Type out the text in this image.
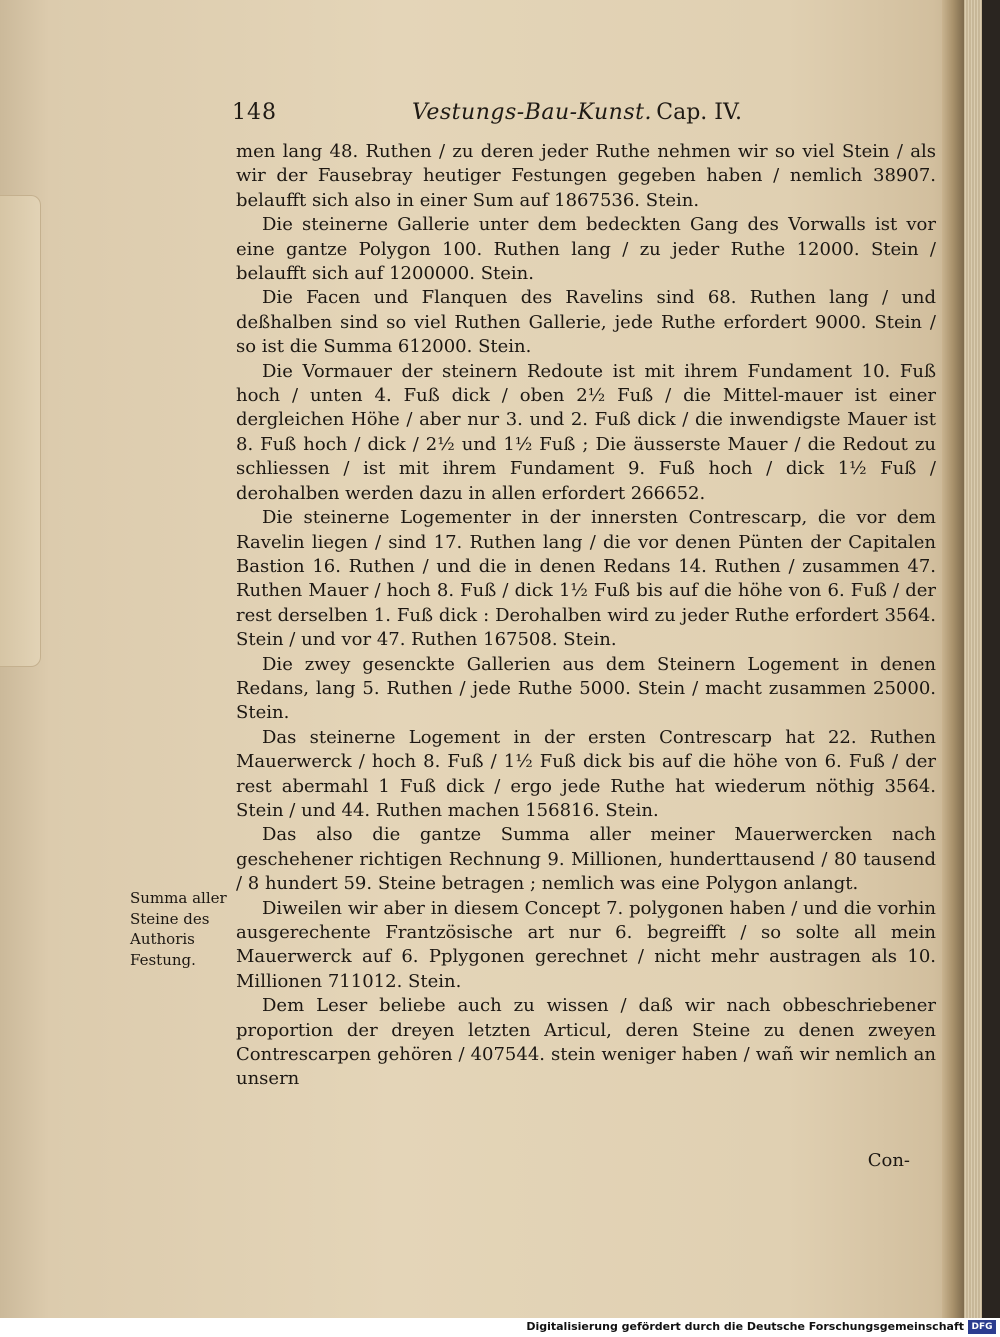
148	Vestungs-Bau-Kunst. Cap. IV.
Summa aller
Steine des
Authoris
Festung.

men lang 48. Ruthen / zu deren jeder Ruthe nehmen wir so viel Stein / als wir der Fausebray heutiger Festungen gegeben haben / nemlich 38907. belaufft sich also in einer Sum auf 1867536. Stein.

Die steinerne Gallerie unter dem bedeckten Gang des Vorwalls ist vor eine gantze Polygon 100. Ruthen lang / zu jeder Ruthe 12000. Stein / belaufft sich auf 1200000. Stein.

Die Facen und Flanquen des Ravelins sind 68. Ruthen lang / und deßhalben sind so viel Ruthen Gallerie, jede Ruthe erfordert 9000. Stein / so ist die Summa 612000. Stein.

Die Vormauer der steinern Redoute ist mit ihrem Fundament 10. Fuß hoch / unten 4. Fuß dick / oben 2½ Fuß / die Mittel-mauer ist einer dergleichen Höhe / aber nur 3. und 2. Fuß dick / die inwendigste Mauer ist 8. Fuß hoch / dick / 2½ und 1½ Fuß ; Die äusserste Mauer / die Redout zu schliessen / ist mit ihrem Fundament 9. Fuß hoch / dick 1½ Fuß / derohalben werden dazu in allen erfordert 266652.

Die steinerne Logementer in der innersten Contrescarp, die vor dem Ravelin liegen / sind 17. Ruthen lang / die vor denen Pünten der Capitalen Bastion 16. Ruthen / und die in denen Redans 14. Ruthen / zusammen 47. Ruthen Mauer / hoch 8. Fuß / dick 1½ Fuß bis auf die höhe von 6. Fuß / der rest derselben 1. Fuß dick : Derohalben wird zu jeder Ruthe erfordert 3564. Stein / und vor 47. Ruthen 167508. Stein.

Die zwey gesenckte Gallerien aus dem Steinern Logement in denen Redans, lang 5. Ruthen / jede Ruthe 5000. Stein / macht zusammen 25000. Stein.

Das steinerne Logement in der ersten Contrescarp hat 22. Ruthen Mauerwerck / hoch 8. Fuß / 1½ Fuß dick bis auf die höhe von 6. Fuß / der rest abermahl 1 Fuß dick / ergo jede Ruthe hat wiederum nöthig 3564. Stein / und 44. Ruthen machen 156816. Stein.

Das also die gantze Summa aller meiner Mauerwercken nach geschehener richtigen Rechnung 9. Millionen, hunderttausend / 80 tausend / 8 hundert 59. Steine betragen ; nemlich was eine Polygon anlangt.

Diweilen wir aber in diesem Concept 7. polygonen haben / und die vorhin ausgerechente Frantzösische art nur 6. begreifft / so solte all mein Mauerwerck auf 6. Pplygonen gerechnet / nicht mehr austragen als 10. Millionen 711012. Stein.

Dem Leser beliebe auch zu wissen / daß wir nach obbeschriebener proportion der dreyen letzten Articul, deren Steine zu denen zweyen Contrescarpen gehören / 407544. stein weniger haben / wañ wir nemlich an unsern

Con-
Digitalisierung gefördert durch die Deutsche Forschungsgemeinschaft DFG
